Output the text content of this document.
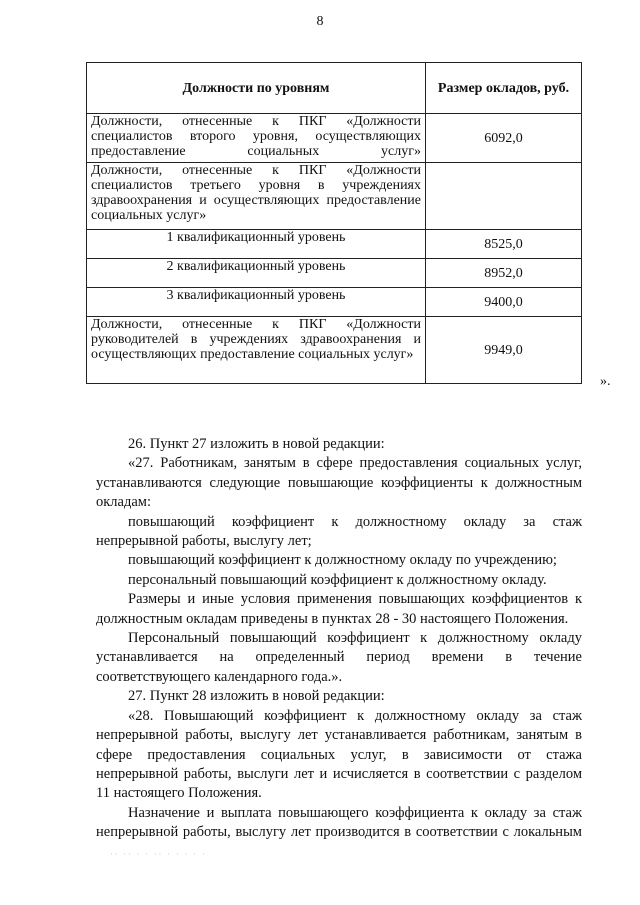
8
Должности по уровням	Размер окладов, руб.
Должности, отнесенные к ПКГ «Должности специалистов второго уровня, осуществляющих предоставление социальных услуг»	6092,0
Должности, отнесенные к ПКГ «Должности специалистов третьего уровня в учреждениях здравоохранения и осуществляющих предоставление социальных услуг»	
1 квалификационный уровень	8525,0
2 квалификационный уровень	8952,0
3 квалификационный уровень	9400,0
Должности, отнесенные к ПКГ «Должности руководителей в учреждениях здравоохранения и осуществляющих предоставление социальных услуг»	9949,0
».

26. Пункт 27 изложить в новой редакции:

«27. Работникам, занятым в сфере предоставления социальных услуг, устанавливаются следующие повышающие коэффициенты к должностным окладам:

повышающий коэффициент к должностному окладу за стаж непрерывной работы, выслугу лет;

повышающий коэффициент к должностному окладу по учреждению;

персональный повышающий коэффициент к должностному окладу.

Размеры и иные условия применения повышающих коэффициентов к должностным окладам приведены в пунктах 28 - 30 настоящего Положения.

Персональный повышающий коэффициент к должностному окладу устанавливается на определенный период времени в течение соответствующего календарного года.».

27. Пункт 28 изложить в новой редакции:

«28. Повышающий коэффициент к должностному окладу за стаж непрерывной работы, выслугу лет устанавливается работникам, занятым в сфере предоставления социальных услуг, в зависимости от стажа непрерывной работы, выслуги лет и исчисляется в соответствии с разделом 11 настоящего Положения.

Назначение и выплата повышающего коэффициента к окладу за стаж непрерывной работы, выслугу лет производится в соответствии с локальным

·· ·· · · ·· · · · · ·
